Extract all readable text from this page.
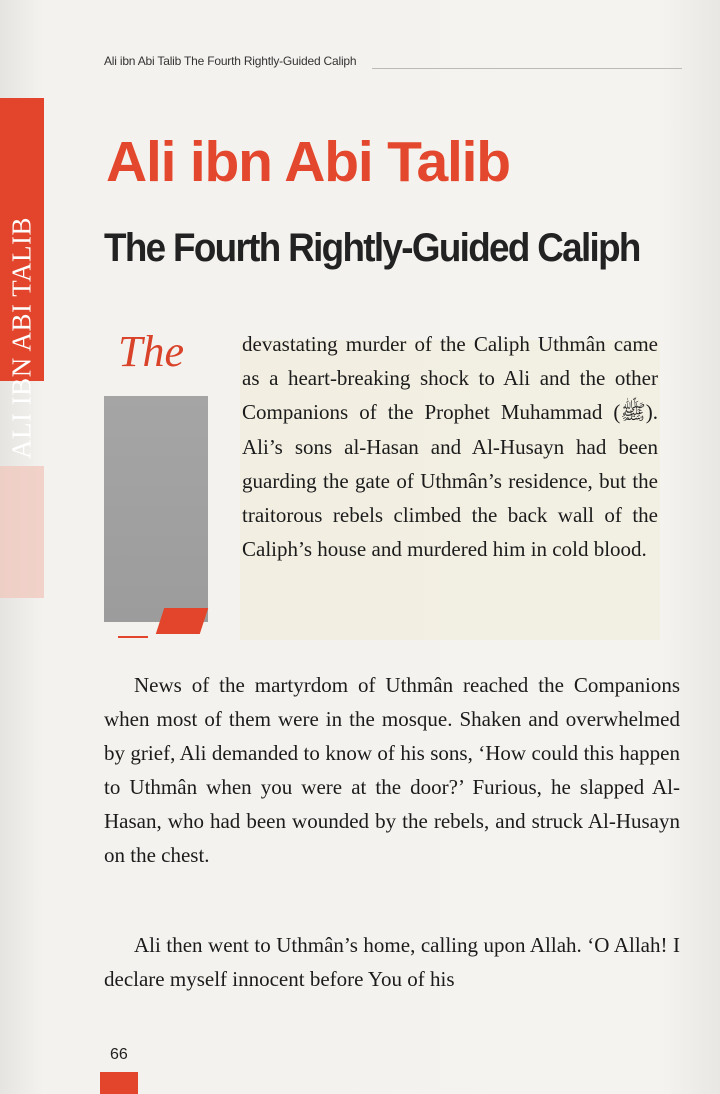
Ali ibn Abi Talib The Fourth Rightly-Guided Caliph
ALI IBN ABI TALIB
Ali ibn Abi Talib
The Fourth Rightly-Guided Caliph
The	devastating murder of the Caliph Uthmân came as a heart-breaking shock to Ali and the other Companions of the Prophet Muhammad (ﷺ). Ali’s sons al-Hasan and Al-Husayn had been guarding the gate of Uthmân’s residence, but the traitorous rebels climbed the back wall of the Caliph’s house and murdered him in cold blood.

News of the martyrdom of Uthmân reached the Companions when most of them were in the mosque. Shaken and overwhelmed by grief, Ali demanded to know of his sons, ‘How could this happen to Uthmân when you were at the door?’ Furious, he slapped Al-Hasan, who had been wounded by the rebels, and struck Al-Husayn on the chest.

Ali then went to Uthmân’s home, calling upon Allah. ‘O Allah! I declare myself innocent before You of his

66
